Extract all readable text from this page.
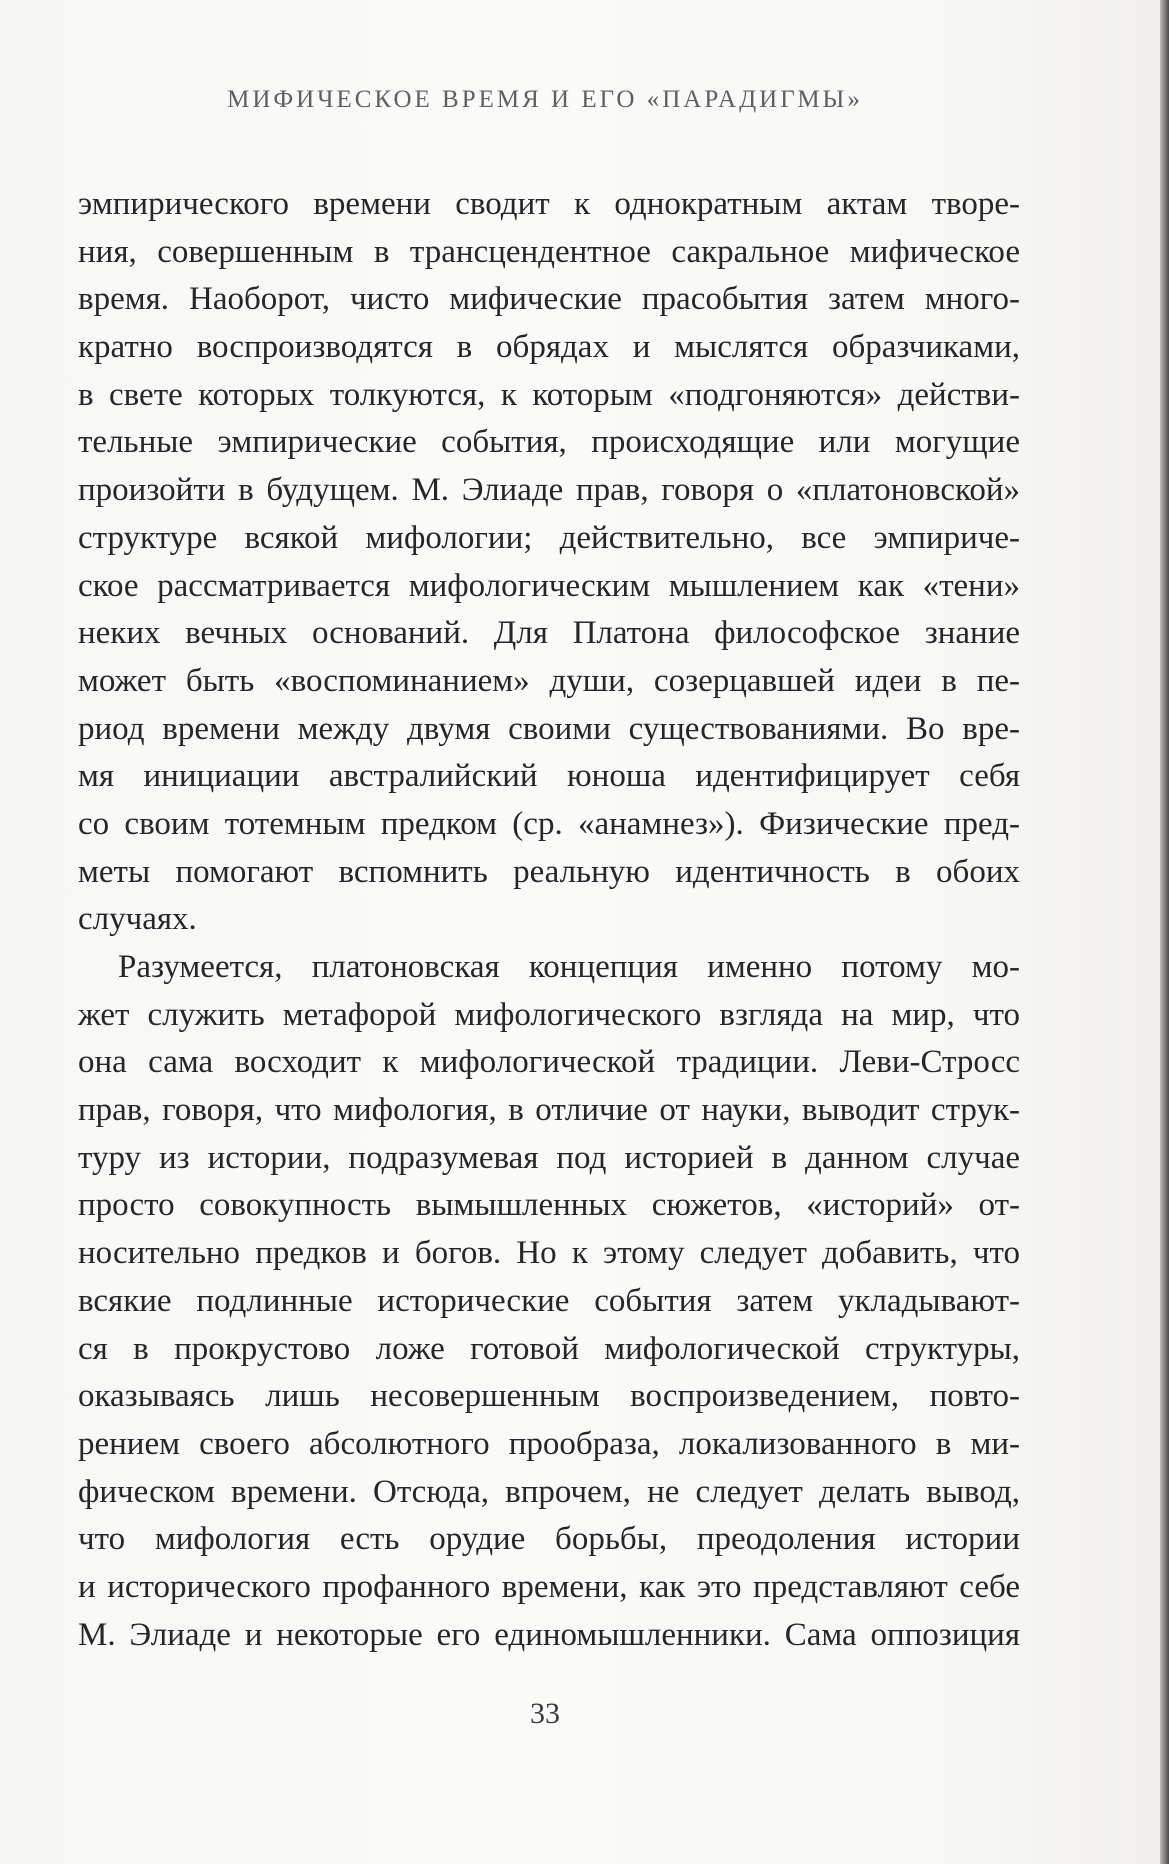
МИФИЧЕСКОЕ ВРЕМЯ И ЕГО «ПАРАДИГМЫ»
эмпирического времени сводит к однократным актам творе-
ния, совершенным в трансцендентное сакральное мифическое
время. Наоборот, чисто мифические прасобытия затем много-
кратно воспроизводятся в обрядах и мыслятся образчиками,
в свете которых толкуются, к которым «подгоняются» действи-
тельные эмпирические события, происходящие или могущие
произойти в будущем. М. Элиаде прав, говоря о «платоновской»
структуре всякой мифологии; действительно, все эмпириче-
ское рассматривается мифологическим мышлением как «тени»
неких вечных оснований. Для Платона философское знание
может быть «воспоминанием» души, созерцавшей идеи в пе-
риод времени между двумя своими существованиями. Во вре-
мя инициации австралийский юноша идентифицирует себя
со своим тотемным предком (ср. «анамнез»). Физические пред-
меты помогают вспомнить реальную идентичность в обоих
случаях.
Разумеется, платоновская концепция именно потому мо-
жет служить метафорой мифологического взгляда на мир, что
она сама восходит к мифологической традиции. Леви-Стросс
прав, говоря, что мифология, в отличие от науки, выводит струк-
туру из истории, подразумевая под историей в данном случае
просто совокупность вымышленных сюжетов, «историй» от-
носительно предков и богов. Но к этому следует добавить, что
всякие подлинные исторические события затем укладывают-
ся в прокрустово ложе готовой мифологической структуры,
оказываясь лишь несовершенным воспроизведением, повто-
рением своего абсолютного прообраза, локализованного в ми-
фическом времени. Отсюда, впрочем, не следует делать вывод,
что мифология есть орудие борьбы, преодоления истории
и исторического профанного времени, как это представляют себе
М. Элиаде и некоторые его единомышленники. Сама оппозиция
33
